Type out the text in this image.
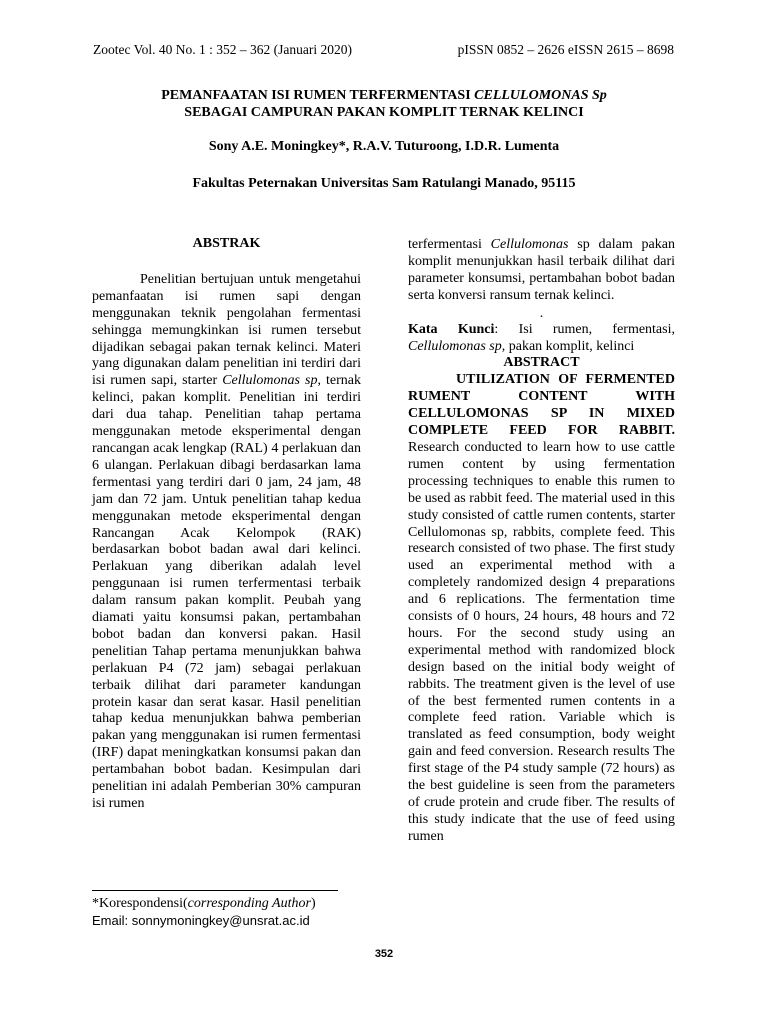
Zootec Vol. 40 No. 1 : 352 – 362 (Januari 2020)	pISSN 0852 – 2626 eISSN 2615 – 8698
PEMANFAATAN ISI RUMEN TERFERMENTASI CELLULOMONAS Sp
SEBAGAI CAMPURAN PAKAN KOMPLIT TERNAK KELINCI
Sony A.E. Moningkey*, R.A.V. Tuturoong, I.D.R. Lumenta
Fakultas Peternakan Universitas Sam Ratulangi Manado, 95115
ABSTRAK

Penelitian bertujuan untuk mengetahui pemanfaatan isi rumen sapi dengan menggunakan teknik pengolahan fermentasi sehingga memungkinkan isi rumen tersebut dijadikan sebagai pakan ternak kelinci. Materi yang digunakan dalam penelitian ini terdiri dari isi rumen sapi, starter Cellulomonas sp, ternak kelinci, pakan komplit. Penelitian ini terdiri dari dua tahap. Penelitian tahap pertama menggunakan metode eksperimental dengan rancangan acak lengkap (RAL) 4 perlakuan dan 6 ulangan. Perlakuan dibagi berdasarkan lama fermentasi yang terdiri dari 0 jam, 24 jam, 48 jam dan 72 jam. Untuk penelitian tahap kedua menggunakan metode eksperimental dengan Rancangan Acak Kelompok (RAK) berdasarkan bobot badan awal dari kelinci. Perlakuan yang diberikan adalah level penggunaan isi rumen terfermentasi terbaik dalam ransum pakan komplit. Peubah yang diamati yaitu konsumsi pakan, pertambahan bobot badan dan konversi pakan. Hasil penelitian Tahap pertama menunjukkan bahwa perlakuan P4 (72 jam) sebagai perlakuan terbaik dilihat dari parameter kandungan protein kasar dan serat kasar. Hasil penelitian tahap kedua menunjukkan bahwa pemberian pakan yang menggunakan isi rumen fermentasi (IRF) dapat meningkatkan konsumsi pakan dan pertambahan bobot badan. Kesimpulan dari penelitian ini adalah Pemberian 30% campuran isi rumen

terfermentasi Cellulomonas sp dalam pakan komplit menunjukkan hasil terbaik dilihat dari parameter konsumsi, pertambahan bobot badan serta konversi ransum ternak kelinci.

.

Kata Kunci: Isi rumen, fermentasi, Cellulomonas sp, pakan komplit, kelinci

ABSTRACT

UTILIZATION OF FERMENTED RUMENT CONTENT WITH CELLULOMONAS SP IN MIXED COMPLETE FEED FOR RABBIT. Research conducted to learn how to use cattle rumen content by using fermentation processing techniques to enable this rumen to be used as rabbit feed. The material used in this study consisted of cattle rumen contents, starter Cellulomonas sp, rabbits, complete feed. This research consisted of two phase. The first study used an experimental method with a completely randomized design 4 preparations and 6 replications. The fermentation time consists of 0 hours, 24 hours, 48 hours and 72 hours. For the second study using an experimental method with randomized block design based on the initial body weight of rabbits. The treatment given is the level of use of the best fermented rumen contents in a complete feed ration. Variable which is translated as feed consumption, body weight gain and feed conversion. Research results The first stage of the P4 study sample (72 hours) as the best guideline is seen from the parameters of crude protein and crude fiber. The results of this study indicate that the use of feed using rumen

*Korespondensi(corresponding Author)
Email: sonnymoningkey@unsrat.ac.id
352
